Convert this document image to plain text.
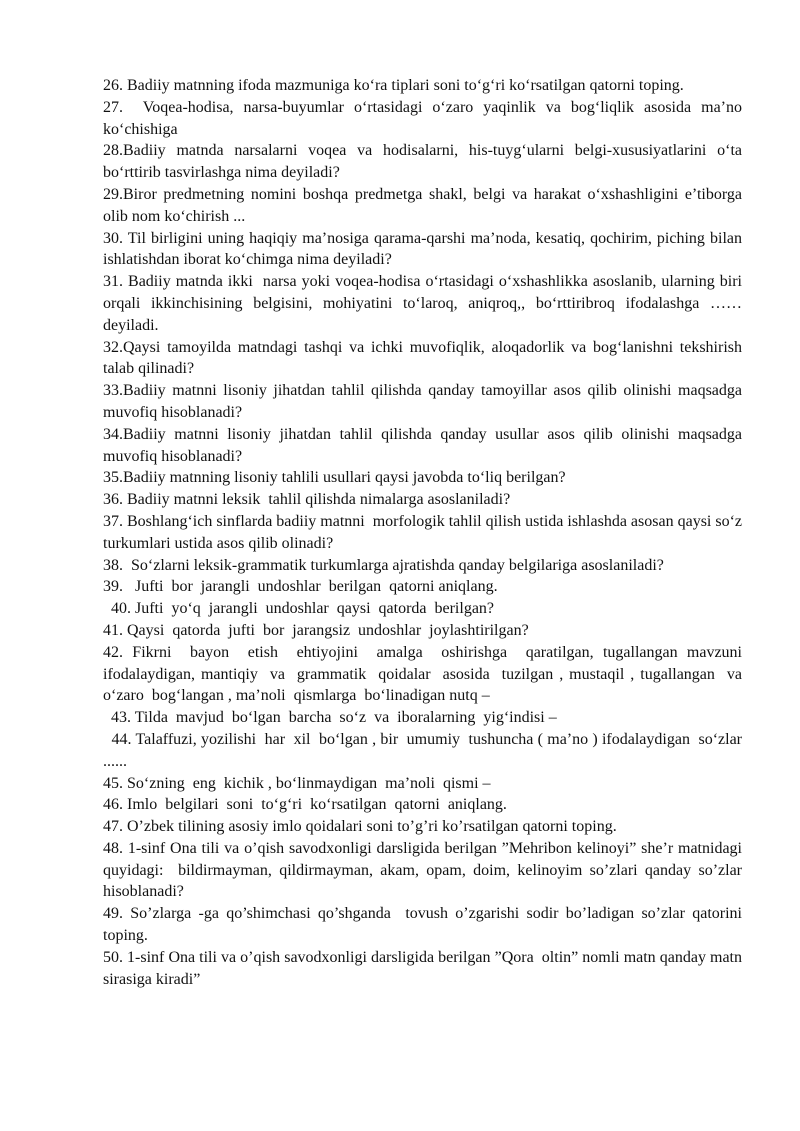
26. Badiiy matnning ifoda mazmuniga ko‘ra tiplari soni to‘g‘ri ko‘rsatilgan qatorni toping.

27.  Voqea-hodisa, narsa-buyumlar o‘rtasidagi o‘zaro yaqinlik va bog‘liqlik asosida ma’no ko‘chishiga

28.Badiiy matnda narsalarni voqea va hodisalarni, his-tuyg‘ularni belgi-xususiyatlarini o‘ta bo‘rttirib tasvirlashga nima deyiladi?

29.Biror predmetning nomini boshqa predmetga shakl, belgi va harakat o‘xshashligini e’tiborga olib nom ko‘chirish ...

30. Til birligini uning haqiqiy ma’nosiga qarama-qarshi ma’noda, kesatiq, qochirim, piching bilan ishlatishdan iborat ko‘chimga nima deyiladi?

31. Badiiy matnda ikki  narsa yoki voqea-hodisa o‘rtasidagi o‘xshashlikka asoslanib, ularning biri orqali ikkinchisining belgisini, mohiyatini to‘laroq, aniqroq,, bo‘rttiribroq ifodalashga …… deyiladi.

32.Qaysi tamoyilda matndagi tashqi va ichki muvofiqlik, aloqadorlik va bog‘lanishni tekshirish talab qilinadi?

33.Badiiy matnni lisoniy jihatdan tahlil qilishda qanday tamoyillar asos qilib olinishi maqsadga muvofiq hisoblanadi?

34.Badiiy matnni lisoniy jihatdan tahlil qilishda qanday usullar asos qilib olinishi maqsadga muvofiq hisoblanadi?

35.Badiiy matnning lisoniy tahlili usullari qaysi javobda to‘liq berilgan?

36. Badiiy matnni leksik  tahlil qilishda nimalarga asoslaniladi?

37. Boshlang‘ich sinflarda badiiy matnni  morfologik tahlil qilish ustida ishlashda asosan qaysi so‘z turkumlari ustida asos qilib olinadi?

38.  So‘zlarni leksik-grammatik turkumlarga ajratishda qanday belgilariga asoslaniladi?

39.   Jufti  bor  jarangli  undoshlar  berilgan  qatorni aniqlang.

40. Jufti  yo‘q  jarangli  undoshlar  qaysi  qatorda  berilgan?

41. Qaysi  qatorda  jufti  bor  jarangsiz  undoshlar  joylashtirilgan?

42. Fikrni  bayon  etish  ehtiyojini  amalga  oshirishga  qaratilgan, tugallangan mavzuni  ifodalaydigan, mantiqiy  va  grammatik  qoidalar  asosida  tuzilgan , mustaqil , tugallangan  va  o‘zaro  bog‘langan , ma’noli  qismlarga  bo‘linadigan nutq –

43. Tilda  mavjud  bo‘lgan  barcha  so‘z  va  iboralarning  yig‘indisi –

44. Talaffuzi, yozilishi  har  xil  bo‘lgan , bir  umumiy  tushuncha ( ma’no ) ifodalaydigan  so‘zlar ......

45. So‘zning  eng  kichik , bo‘linmaydigan  ma’noli  qismi –

46. Imlo  belgilari  soni  to‘g‘ri  ko‘rsatilgan  qatorni  aniqlang.

47. O’zbek tilining asosiy imlo qoidalari soni to’g’ri ko’rsatilgan qatorni toping.

48. 1-sinf Ona tili va o’qish savodxonligi darsligida berilgan ”Mehribon kelinoyi” she’r matnidagi quyidagi:  bildirmayman, qildirmayman, akam, opam, doim, kelinoyim so’zlari qanday so’zlar hisoblanadi?

49. So’zlarga -ga qo’shimchasi qo’shganda  tovush o’zgarishi sodir bo’ladigan so’zlar qatorini toping.

50. 1-sinf Ona tili va o’qish savodxonligi darsligida berilgan ”Qora  oltin” nomli matn qanday matn sirasiga kiradi”
